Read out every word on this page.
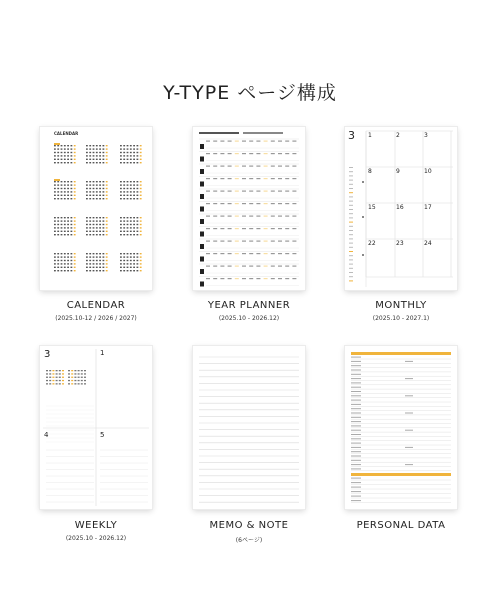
Y-TYPE ページ構成
CALENDAR
CALENDAR
(2025.10-12 / 2026 / 2027)
YEAR PLANNER
(2025.10 - 2026.12)
3 1	2	3
8	9	10
15	16	17
22	23	24
MONTHLY
(2025.10 - 2027.1)
3	1
4	5
WEEKLY
(2025.10 - 2026.12)
MEMO & NOTE
(6ページ)
PERSONAL DATA
